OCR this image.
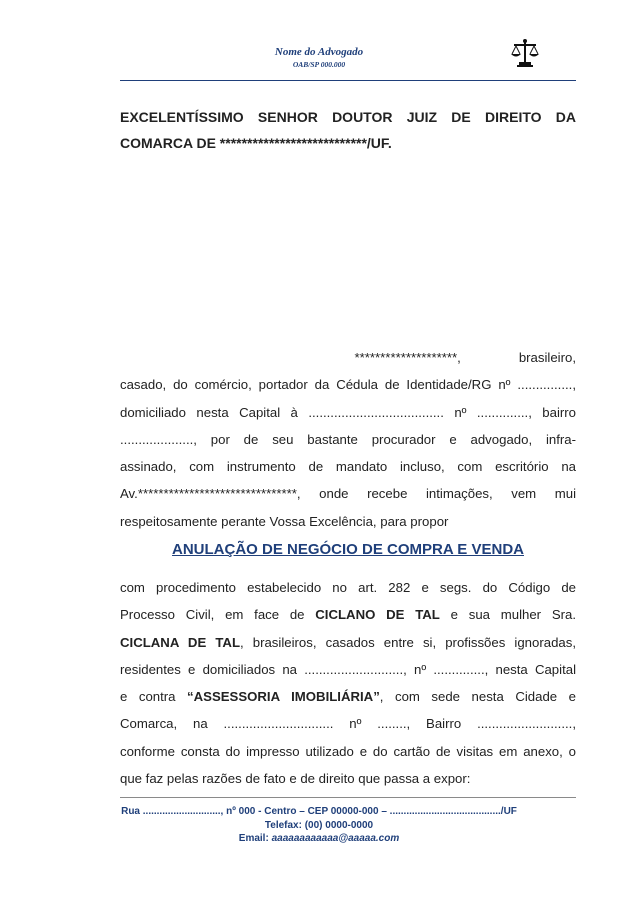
Nome do Advogado
OAB/SP 000.000
EXCELENTÍSSIMO SENHOR DOUTOR JUIZ DE DIREITO DA
COMARCA DE ***************************/UF.
********************,	brasileiro,
casado, do comércio, portador da Cédula de Identidade/RG nº ...............,
domiciliado nesta Capital à ..................................... nº .............., bairro
...................., por de seu bastante procurador e advogado, infra-
assinado, com instrumento de mandato incluso, com escritório na
Av.*******************************, onde recebe intimações, vem mui
respeitosamente perante Vossa Excelência, para propor
ANULAÇÃO DE NEGÓCIO DE COMPRA E VENDA
com procedimento estabelecido no art. 282 e segs. do Código de
Processo Civil, em face de CICLANO DE TAL e sua mulher Sra.
CICLANA DE TAL, brasileiros, casados entre si, profissões ignoradas,
residentes e domiciliados na ..........................., nº .............., nesta Capital
e contra “ASSESSORIA IMOBILIÁRIA”, com sede nesta Cidade e
Comarca, na .............................. nº ........, Bairro ..........................,
conforme consta do impresso utilizado e do cartão de visitas em anexo, o
que faz pelas razões de fato e de direito que passa a expor:
Rua ............................, nº 000 - Centro – CEP 00000-000 – ......................................../UF
Telefax: (00) 0000-0000
Email: aaaaaaaaaaaa@aaaaa.com
